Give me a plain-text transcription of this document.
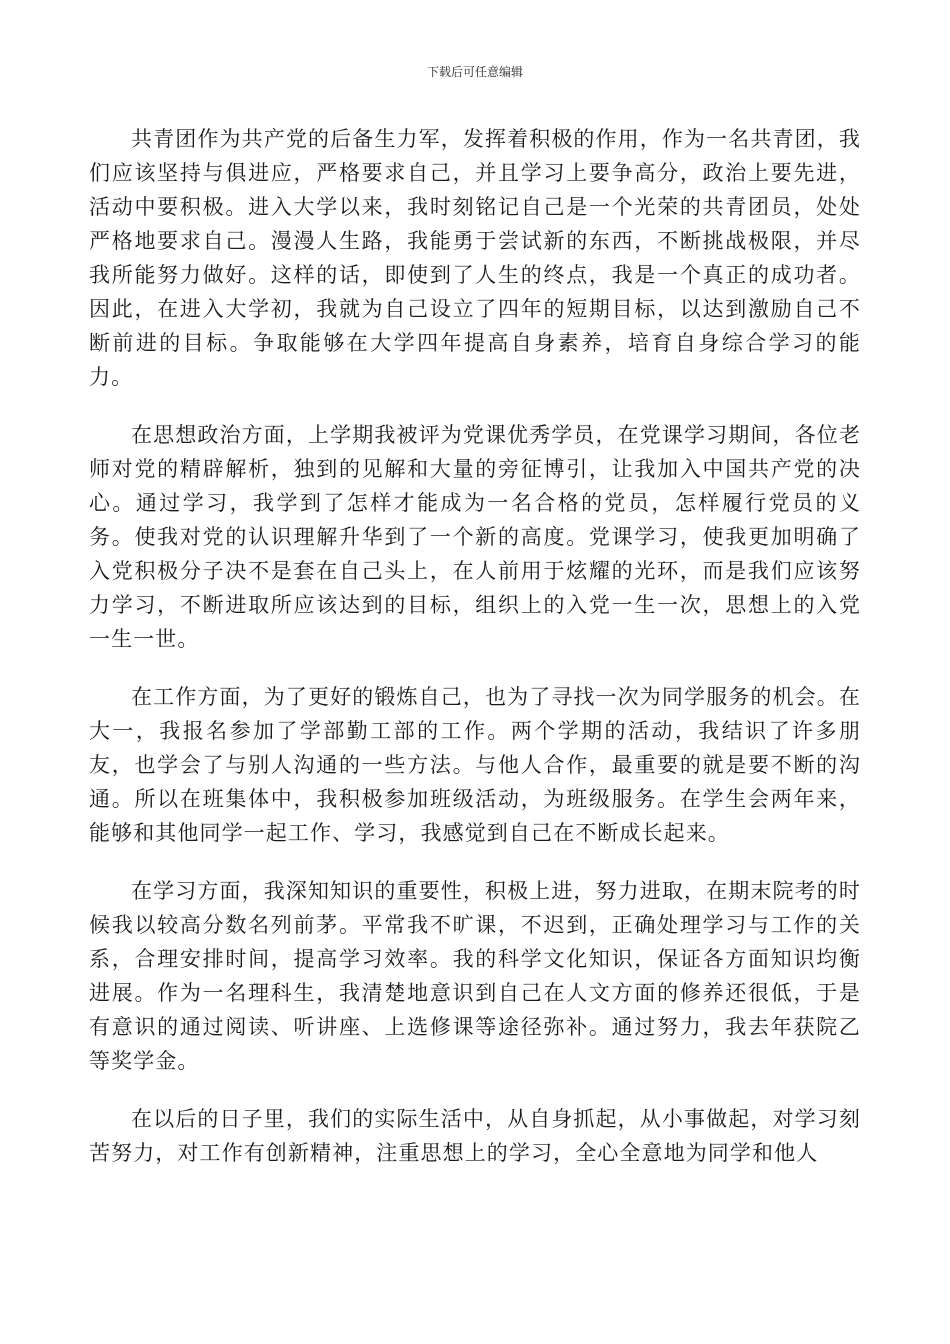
下载后可任意编辑

共青团作为共产党的后备生力军，发挥着积极的作用，作为一名共青团，我们应该坚持与俱进应，严格要求自己，并且学习上要争高分，政治上要先进，活动中要积极。进入大学以来，我时刻铭记自己是一个光荣的共青团员，处处严格地要求自己。漫漫人生路，我能勇于尝试新的东西，不断挑战极限，并尽我所能努力做好。这样的话，即使到了人生的终点，我是一个真正的成功者。因此，在进入大学初，我就为自己设立了四年的短期目标，以达到激励自己不断前进的目标。争取能够在大学四年提高自身素养，培育自身综合学习的能力。

在思想政治方面，上学期我被评为党课优秀学员，在党课学习期间，各位老师对党的精辟解析，独到的见解和大量的旁征博引，让我加入中国共产党的决心。通过学习，我学到了怎样才能成为一名合格的党员，怎样履行党员的义务。使我对党的认识理解升华到了一个新的高度。党课学习，使我更加明确了入党积极分子决不是套在自己头上，在人前用于炫耀的光环，而是我们应该努力学习，不断进取所应该达到的目标，组织上的入党一生一次，思想上的入党一生一世。

在工作方面，为了更好的锻炼自己，也为了寻找一次为同学服务的机会。在大一，我报名参加了学部勤工部的工作。两个学期的活动，我结识了许多朋友，也学会了与别人沟通的一些方法。与他人合作，最重要的就是要不断的沟通。所以在班集体中，我积极参加班级活动，为班级服务。在学生会两年来，能够和其他同学一起工作、学习，我感觉到自己在不断成长起来。

在学习方面，我深知知识的重要性，积极上进，努力进取，在期末院考的时候我以较高分数名列前茅。平常我不旷课，不迟到，正确处理学习与工作的关系，合理安排时间，提高学习效率。我的科学文化知识，保证各方面知识均衡进展。作为一名理科生，我清楚地意识到自己在人文方面的修养还很低，于是有意识的通过阅读、听讲座、上选修课等途径弥补。通过努力，我去年获院乙等奖学金。

在以后的日子里，我们的实际生活中，从自身抓起，从小事做起，对学习刻苦努力，对工作有创新精神，注重思想上的学习，全心全意地为同学和他人
